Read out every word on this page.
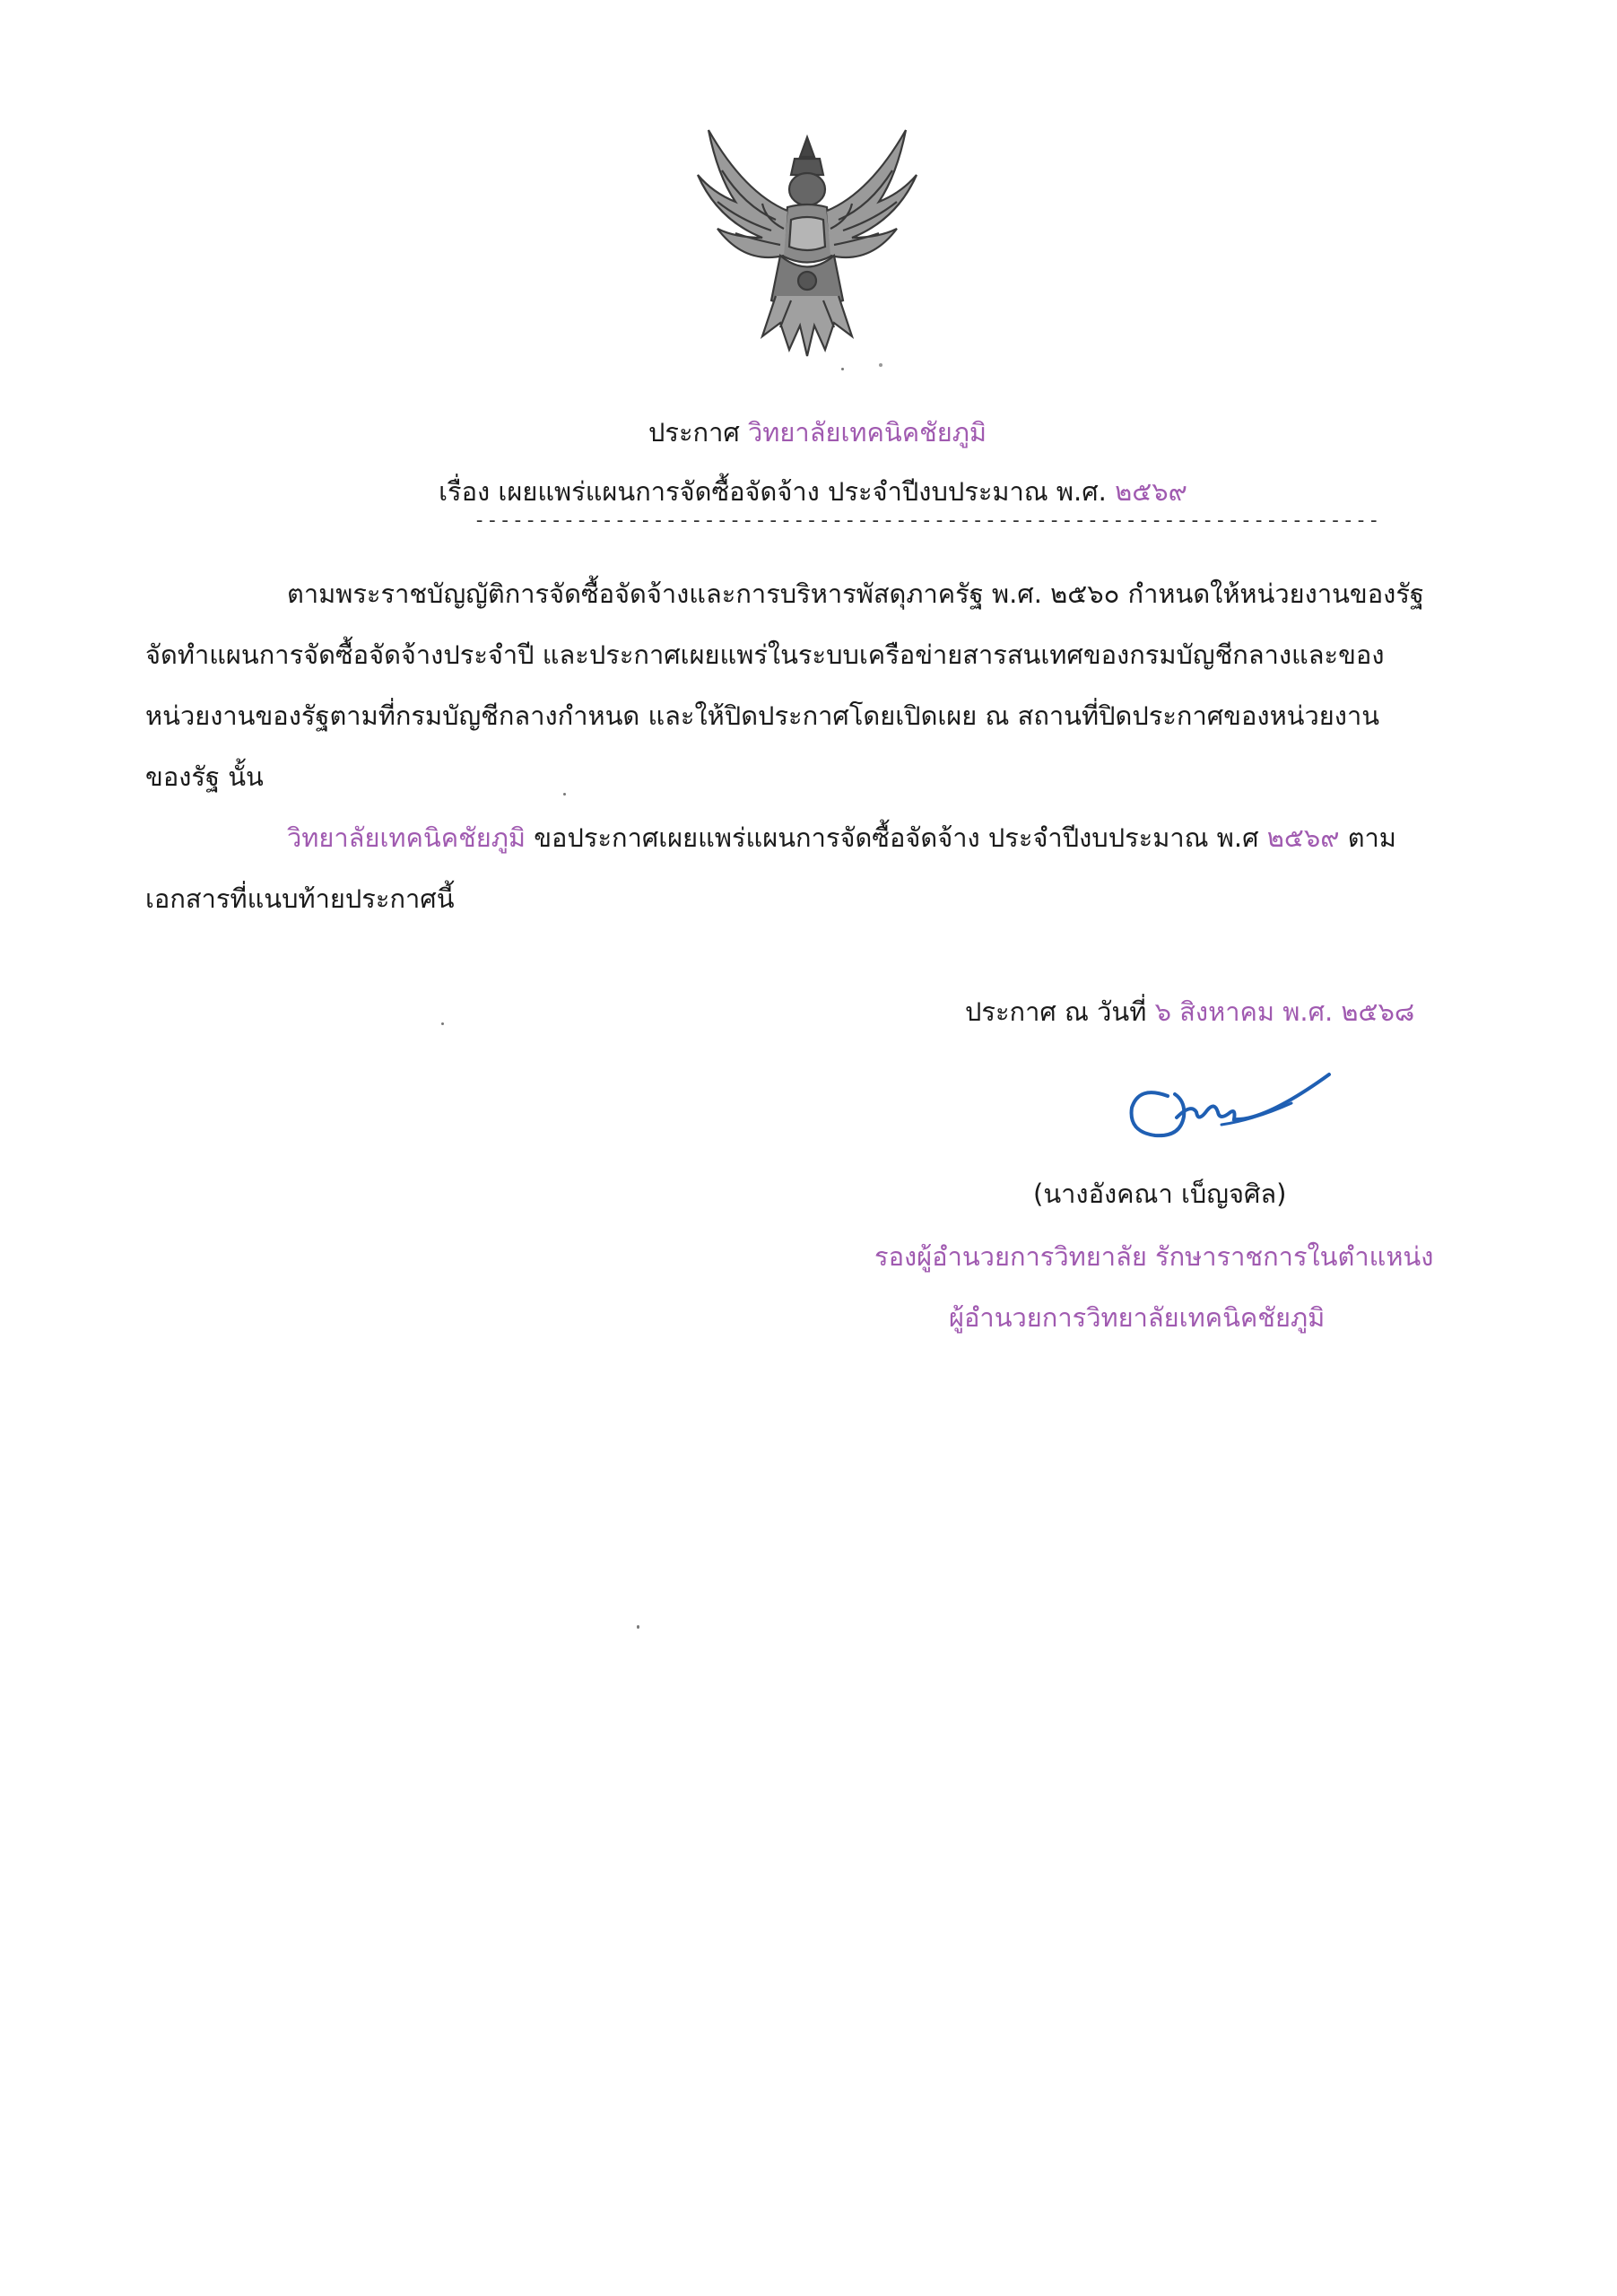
ประกาศ วิทยาลัยเทคนิคชัยภูมิ
เรื่อง เผยแพร่แผนการจัดซื้อจัดจ้าง ประจำปีงบประมาณ พ.ศ. ๒๕๖๙
-----------------------------------------------------------------------
ตามพระราชบัญญัติการจัดซื้อจัดจ้างและการบริหารพัสดุภาครัฐ พ.ศ. ๒๕๖๐ กำหนดให้หน่วยงานของรัฐ
จัดทำแผนการจัดซื้อจัดจ้างประจำปี และประกาศเผยแพร่ในระบบเครือข่ายสารสนเทศของกรมบัญชีกลางและของ
หน่วยงานของรัฐตามที่กรมบัญชีกลางกำหนด และให้ปิดประกาศโดยเปิดเผย ณ สถานที่ปิดประกาศของหน่วยงาน
ของรัฐ นั้น
วิทยาลัยเทคนิคชัยภูมิ ขอประกาศเผยแพร่แผนการจัดซื้อจัดจ้าง ประจำปีงบประมาณ พ.ศ ๒๕๖๙ ตาม
เอกสารที่แนบท้ายประกาศนี้
ประกาศ ณ วันที่ ๖ สิงหาคม พ.ศ. ๒๕๖๘
(นางอังคณา เบ็ญจศิล)
รองผู้อำนวยการวิทยาลัย รักษาราชการในตำแหน่ง
ผู้อำนวยการวิทยาลัยเทคนิคชัยภูมิ
